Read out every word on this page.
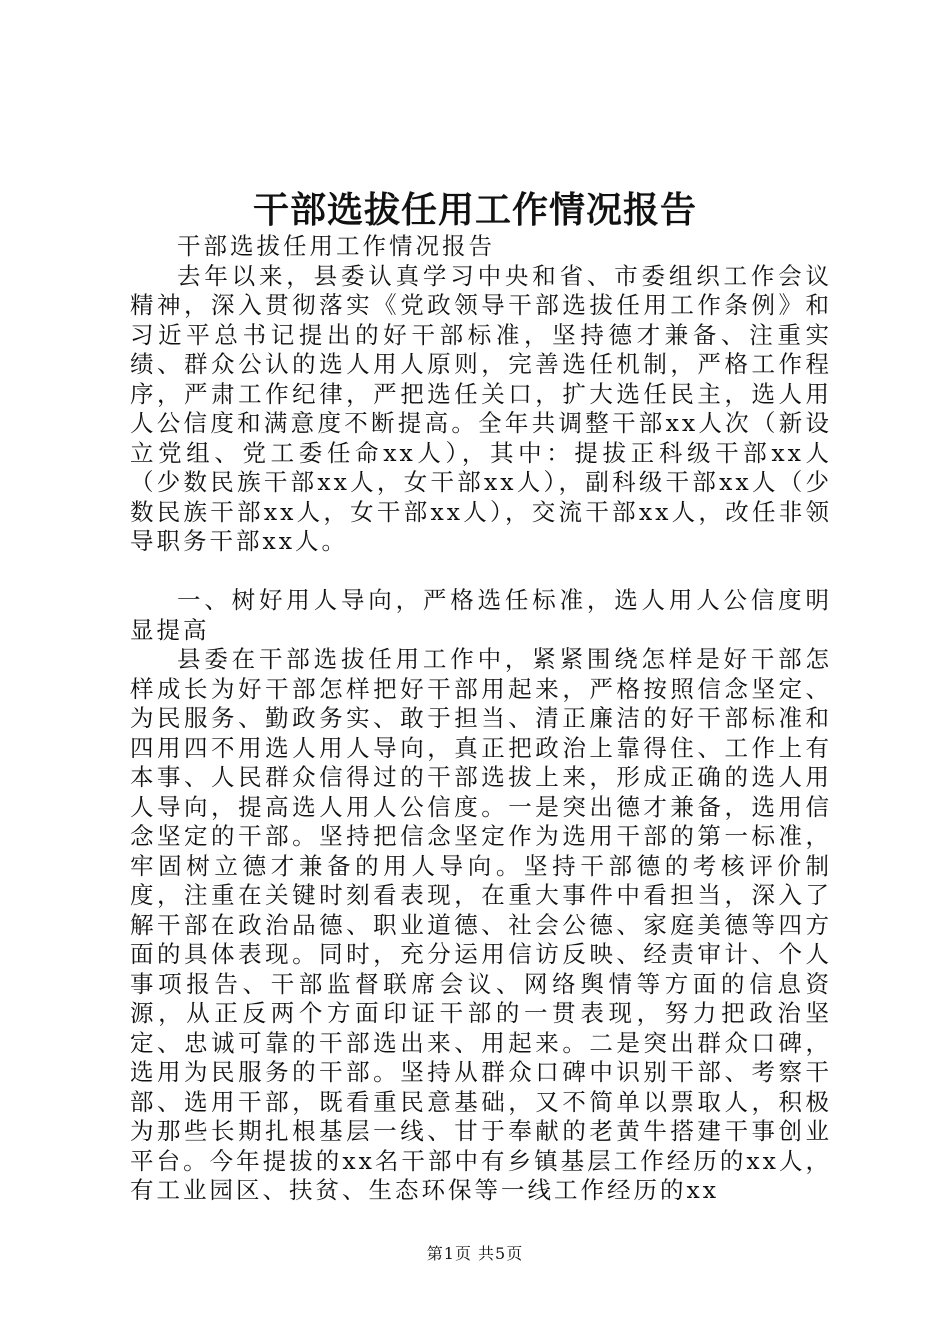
干部选拔任用工作情况报告

干部选拔任用工作情况报告

去年以来，县委认真学习中央和省、市委组织工作会议精神，深入贯彻落实《党政领导干部选拔任用工作条例》和习近平总书记提出的好干部标准，坚持德才兼备、注重实绩、群众公认的选人用人原则，完善选任机制，严格工作程序，严肃工作纪律，严把选任关口，扩大选任民主，选人用人公信度和满意度不断提高。全年共调整干部xx人次（新设立党组、党工委任命xx人），其中：提拔正科级干部xx人（少数民族干部xx人，女干部xx人），副科级干部xx人（少数民族干部xx人，女干部xx人），交流干部xx人，改任非领导职务干部xx人。

一、树好用人导向，严格选任标准，选人用人公信度明显提高

县委在干部选拔任用工作中，紧紧围绕怎样是好干部怎样成长为好干部怎样把好干部用起来，严格按照信念坚定、为民服务、勤政务实、敢于担当、清正廉洁的好干部标准和四用四不用选人用人导向，真正把政治上靠得住、工作上有本事、人民群众信得过的干部选拔上来，形成正确的选人用人导向，提高选人用人公信度。一是突出德才兼备，选用信念坚定的干部。坚持把信念坚定作为选用干部的第一标准，牢固树立德才兼备的用人导向。坚持干部德的考核评价制度，注重在关键时刻看表现，在重大事件中看担当，深入了解干部在政治品德、职业道德、社会公德、家庭美德等四方面的具体表现。同时，充分运用信访反映、经责审计、个人事项报告、干部监督联席会议、网络舆情等方面的信息资源，从正反两个方面印证干部的一贯表现，努力把政治坚定、忠诚可靠的干部选出来、用起来。二是突出群众口碑，选用为民服务的干部。坚持从群众口碑中识别干部、考察干部、选用干部，既看重民意基础，又不简单以票取人，积极为那些长期扎根基层一线、甘于奉献的老黄牛搭建干事创业平台。今年提拔的xx名干部中有乡镇基层工作经历的xx人，有工业园区、扶贫、生态环保等一线工作经历的xx

第1页 共5页
